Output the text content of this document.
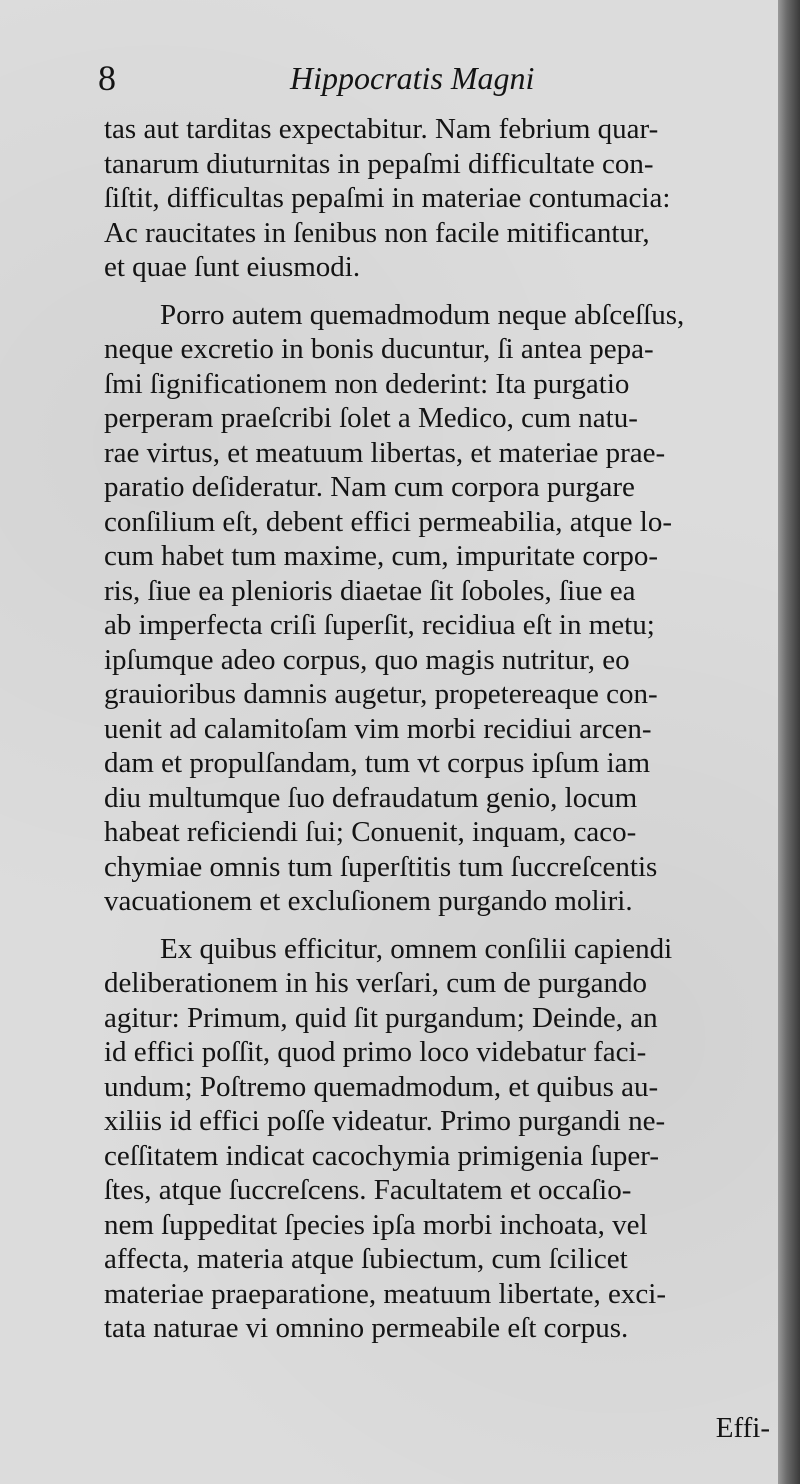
8	Hippocratis Magni

tas aut tarditas expectabitur. Nam febrium quar-
tanarum diuturnitas in pepaſmi difficultate con-
ſiſtit, difficultas pepaſmi in materiae contumacia:
Ac raucitates in ſenibus non facile mitificantur,
et quae ſunt eiusmodi.

Porro autem quemadmodum neque abſceſſus,
neque excretio in bonis ducuntur, ſi antea pepa-
ſmi ſignificationem non dederint: Ita purgatio
perperam praeſcribi ſolet a Medico, cum natu-
rae virtus, et meatuum libertas, et materiae prae-
paratio deſideratur. Nam cum corpora purgare
conſilium eſt, debent effici permeabilia, atque lo-
cum habet tum maxime, cum, impuritate corpo-
ris, ſiue ea plenioris diaetae ſit ſoboles, ſiue ea
ab imperfecta criſi ſuperſit, recidiua eſt in metu;
ipſumque adeo corpus, quo magis nutritur, eo
grauioribus damnis augetur, propetereaque con-
uenit ad calamitoſam vim morbi recidiui arcen-
dam et propulſandam, tum vt corpus ipſum iam
diu multumque ſuo defraudatum genio, locum
habeat reficiendi ſui; Conuenit, inquam, caco-
chymiae omnis tum ſuperſtitis tum ſuccreſcentis
vacuationem et excluſionem purgando moliri.

Ex quibus efficitur, omnem conſilii capiendi
deliberationem in his verſari, cum de purgando
agitur: Primum, quid ſit purgandum; Deinde, an
id effici poſſit, quod primo loco videbatur faci-
undum; Poſtremo quemadmodum, et quibus au-
xiliis id effici poſſe videatur. Primo purgandi ne-
ceſſitatem indicat cacochymia primigenia ſuper-
ſtes, atque ſuccreſcens. Facultatem et occaſio-
nem ſuppeditat ſpecies ipſa morbi inchoata, vel
affecta, materia atque ſubiectum, cum ſcilicet
materiae praeparatione, meatuum libertate, exci-
tata naturae vi omnino permeabile eſt corpus.

Effi-
